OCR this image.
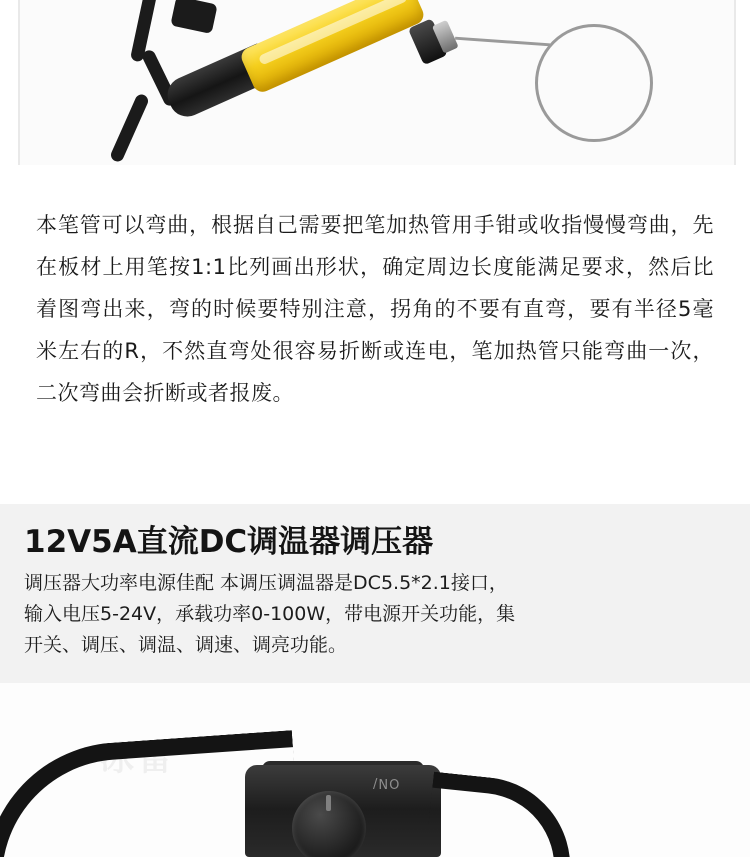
本笔管可以弯曲，根据自己需要把笔加热管用手钳或收指慢慢弯曲，先在板材上用笔按1:1比列画出形状，确定周边长度能满足要求，然后比着图弯出来，弯的时候要特别注意，拐角的不要有直弯，要有半径5毫米左右的R，不然直弯处很容易折断或连电，笔加热管只能弯曲一次，二次弯曲会折断或者报废。

12V5A直流DC调温器调压器
调压器大功率电源佳配 本调压调温器是DC5.5*2.1接口，
输入电压5-24V，承载功率0-100W，带电源开关功能，集
开关、调压、调温、调速、调亮功能。
冰雷
ON/
